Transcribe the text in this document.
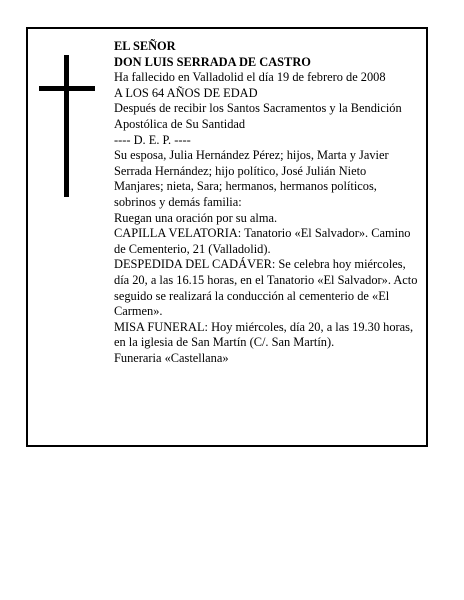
EL SEÑOR

DON LUIS SERRADA DE CASTRO

Ha fallecido en Valladolid el día 19 de febrero de 2008

A LOS 64 AÑOS DE EDAD

Después de recibir los Santos Sacramentos y la Bendición Apostólica de Su Santidad

---- D. E. P. ----

Su esposa, Julia Hernández Pérez; hijos, Marta y Javier Serrada Hernández; hijo político, José Julián Nieto Manjares; nieta, Sara; hermanos, hermanos políticos, sobrinos y demás familia:

Ruegan una oración por su alma.

CAPILLA VELATORIA: Tanatorio «El Salvador». Camino de Cementerio, 21 (Valladolid).

DESPEDIDA DEL CADÁVER: Se celebra hoy miércoles, día 20, a las 16.15 horas, en el Tanatorio «El Salvador». Acto seguido se realizará la conducción al cementerio de «El Carmen».

MISA FUNERAL: Hoy miércoles, día 20, a las 19.30 horas, en la iglesia de San Martín (C/. San Martín).

Funeraria «Castellana»
